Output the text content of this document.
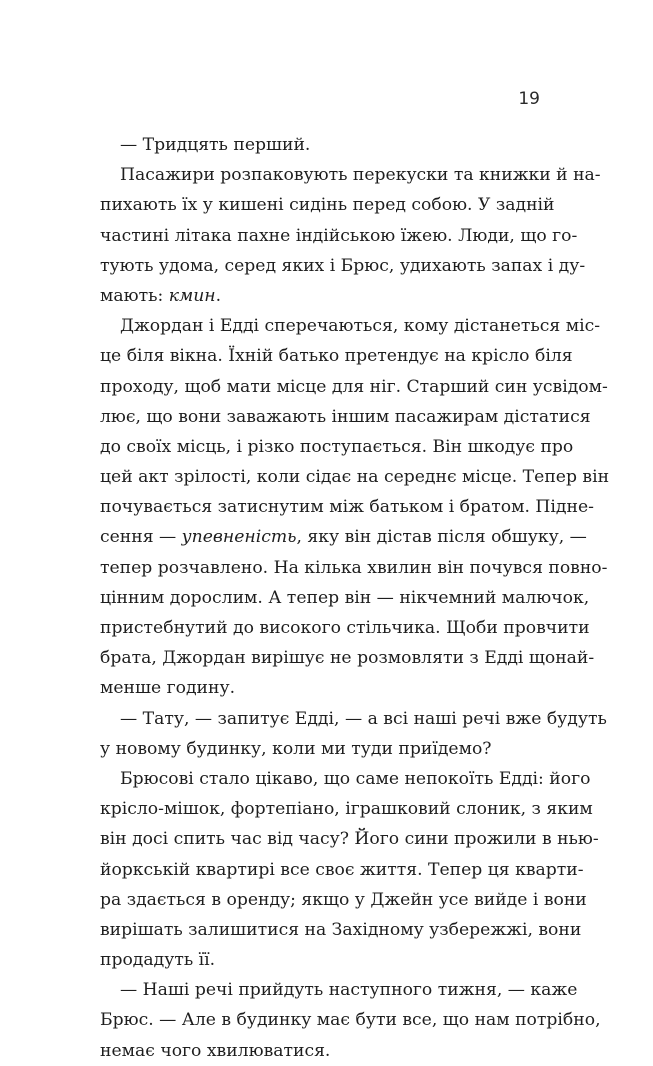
19
— Тридцять перший.
Пасажири розпаковують перекуски та книжки й на-
пихають їх у кишені сидінь перед собою. У задній
частині літака пахне індійською їжею. Люди, що го-
тують удома, серед яких і Брюс, удихають запах і ду-
мають: кмин.
Джордан і Едді сперечаються, кому дістанеться міс-
це біля вікна. Їхній батько претендує на крісло біля
проходу, щоб мати місце для ніг. Старший син усвідом-
лює, що вони заважають іншим пасажирам дістатися
до своїх місць, і різко поступається. Він шкодує про
цей акт зрілості, коли сідає на середнє місце. Тепер він
почувається затиснутим між батьком і братом. Підне-
сення — упевненість, яку він дістав після обшуку, —
тепер розчавлено. На кілька хвилин він почувся повно-
цінним дорослим. А тепер він — нікчемний малючок,
пристебнутий до високого стільчика. Щоби провчити
брата, Джордан вирішує не розмовляти з Едді щонай-
менше годину.
— Тату, — запитує Едді, — а всі наші речі вже будуть
у новому будинку, коли ми туди приїдемо?
Брюсові стало цікаво, що саме непокоїть Едді: його
крісло-мішок, фортепіано, іграшковий слоник, з яким
він досі спить час від часу? Його сини прожили в нью-
йоркській квартирі все своє життя. Тепер ця кварти-
ра здається в оренду; якщо у Джейн усе вийде і вони
вирішать залишитися на Західному узбережжі, вони
продадуть її.
— Наші речі прийдуть наступного тижня, — каже
Брюс. — Але в будинку має бути все, що нам потрібно,
немає чого хвилюватися.
